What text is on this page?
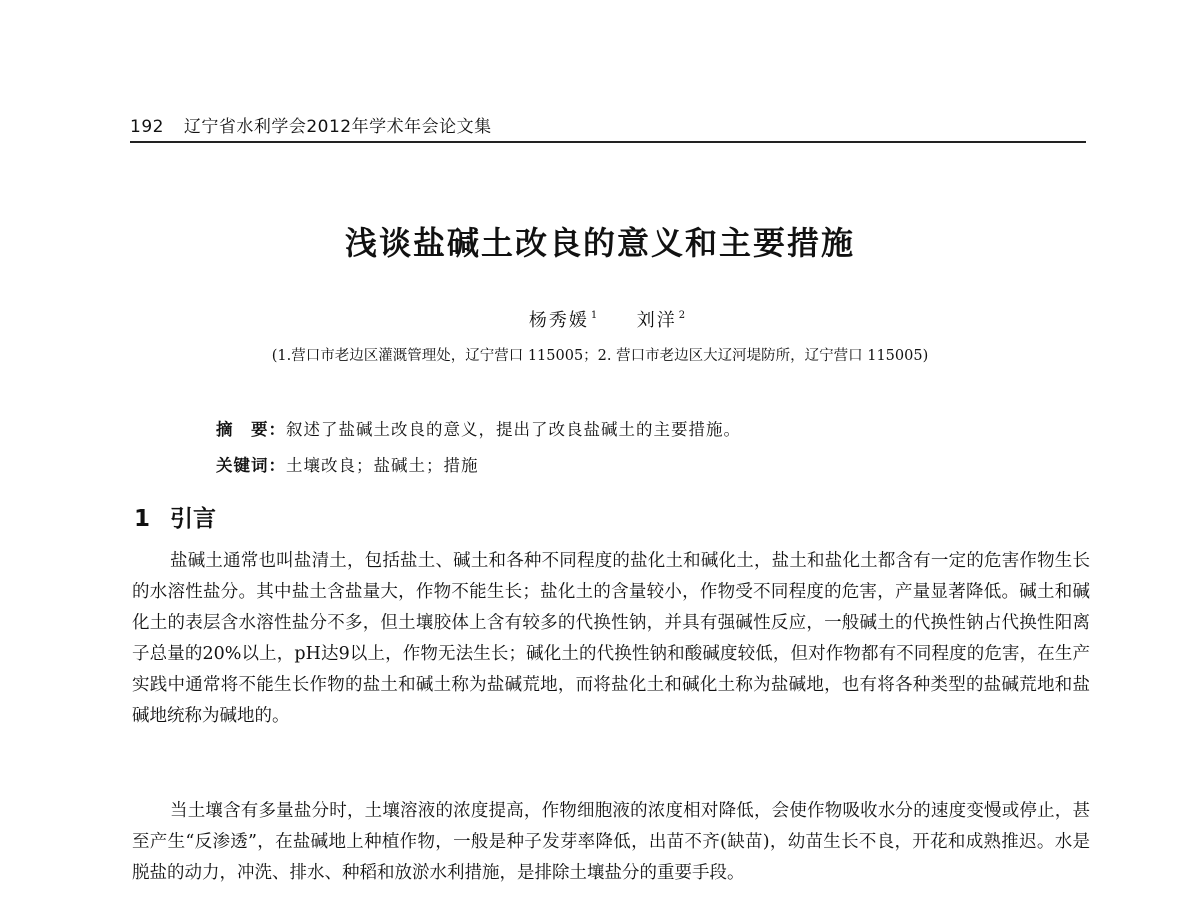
192 辽宁省水利学会2012年学术年会论文集
浅谈盐碱土改良的意义和主要措施
杨秀媛 $^1$ 刘洋 $^2$
(1.营口市老边区灌溉管理处，辽宁营口 115005；2. 营口市老边区大辽河堤防所，辽宁营口 115005)
摘　要：叙述了盐碱土改良的意义，提出了改良盐碱土的主要措施。
关键词：土壤改良；盐碱土；措施
1 引言

盐碱土通常也叫盐清土，包括盐土、碱土和各种不同程度的盐化土和碱化土，盐土和盐化土都含有一定的危害作物生长的水溶性盐分。其中盐土含盐量大，作物不能生长；盐化土的含量较小，作物受不同程度的危害，产量显著降低。碱土和碱化土的表层含水溶性盐分不多，但土壤胶体上含有较多的代换性钠，并具有强碱性反应，一般碱土的代换性钠占代换性阳离子总量的20%以上，pH达9以上，作物无法生长；碱化土的代换性钠和酸碱度较低，但对作物都有不同程度的危害，在生产实践中通常将不能生长作物的盐土和碱土称为盐碱荒地，而将盐化土和碱化土称为盐碱地，也有将各种类型的盐碱荒地和盐碱地统称为碱地的。

当土壤含有多量盐分时，土壤溶液的浓度提高，作物细胞液的浓度相对降低，会使作物吸收水分的速度变慢或停止，甚至产生“反渗透”，在盐碱地上种植作物，一般是种子发芽率降低，出苗不齐(缺苗)，幼苗生长不良，开花和成熟推迟。水是脱盐的动力，冲洗、排水、种稻和放淤水利措施，是排除土壤盐分的重要手段。
